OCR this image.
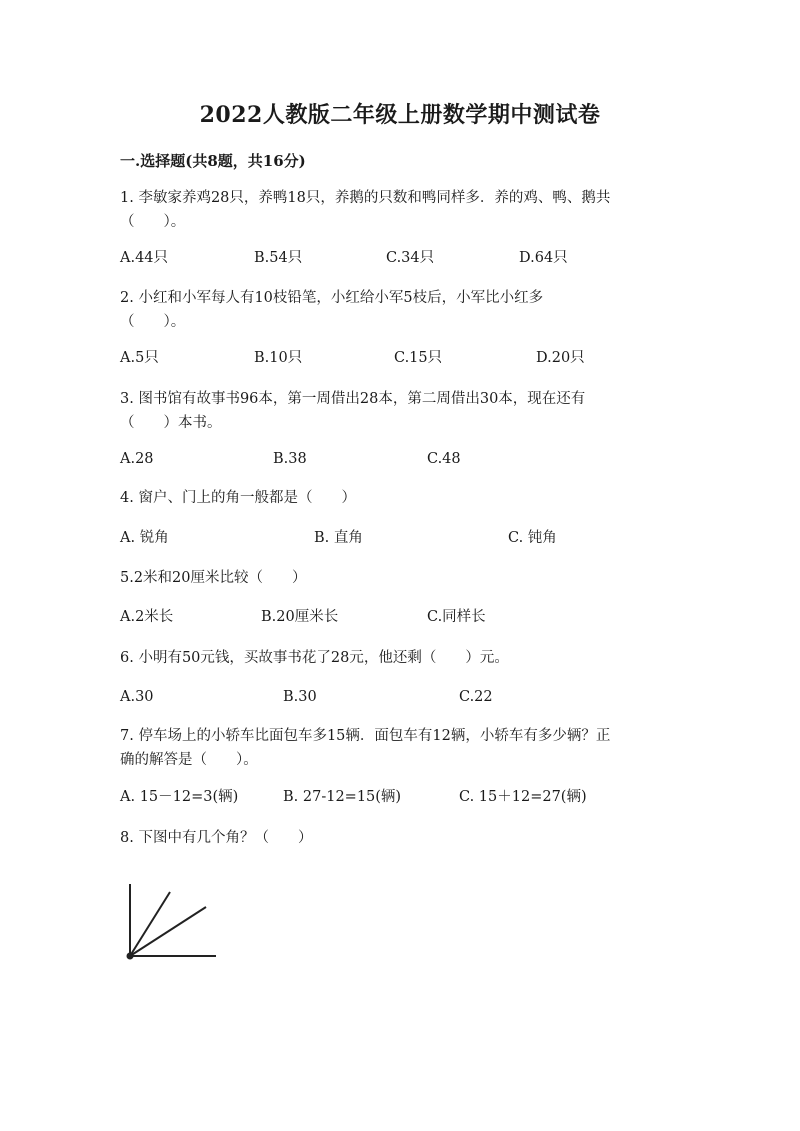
2022人教版二年级上册数学期中测试卷
一.选择题(共8题，共16分)
1. 李敏家养鸡28只，养鸭18只，养鹅的只数和鸭同样多．养的鸡、鸭、鹅共
（　　）。
A.44只	B.54只	C.34只	D.64只
2. 小红和小军每人有10枝铅笔，小红给小军5枝后，小军比小红多
（　　）。
A.5只	B.10只	C.15只	D.20只
3. 图书馆有故事书96本，第一周借出28本，第二周借出30本，现在还有
（　　）本书。
A.28	B.38	C.48
4. 窗户、门上的角一般都是（　　）
A. 锐角	B. 直角	C. 钝角
5.2米和20厘米比较（　　）
A.2米长	B.20厘米长	C.同样长
6. 小明有50元钱，买故事书花了28元，他还剩（　　）元。
A.30	B.30	C.22
7. 停车场上的小轿车比面包车多15辆．面包车有12辆，小轿车有多少辆？正
确的解答是（　　）。
A. 15－12=3(辆)	B. 27-12=15(辆)	C. 15＋12=27(辆)
8. 下图中有几个角？（　　）
